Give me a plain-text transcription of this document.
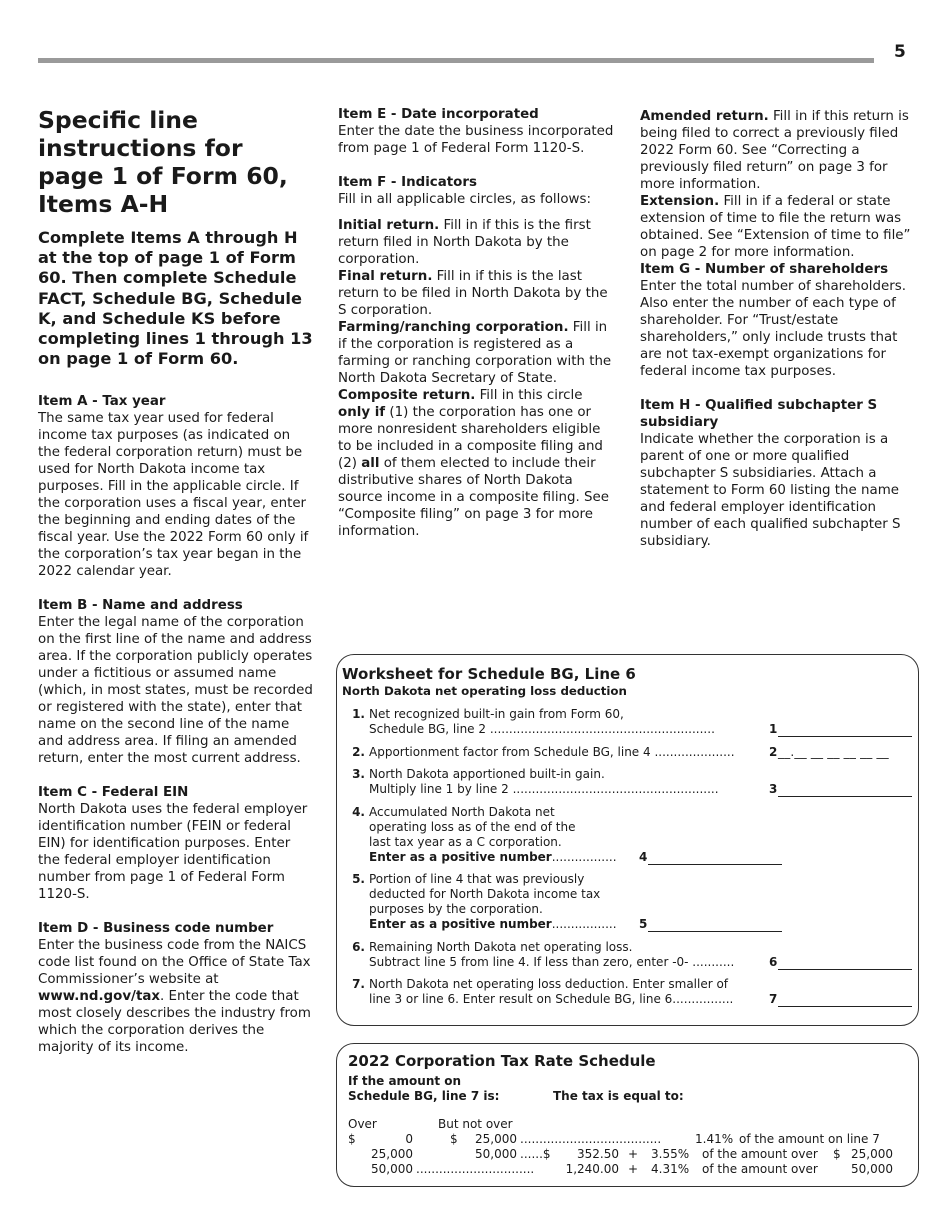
5
Specific line instructions for page 1 of Form 60, Items A-H
Complete Items A through H at the top of page 1 of Form 60. Then complete Schedule FACT, Schedule BG, Schedule K, and Schedule KS before completing lines 1 through 13 on page 1 of Form 60.
Item A - Tax year

The same tax year used for federal income tax purposes (as indicated on the federal corporation return) must be used for North Dakota income tax purposes. Fill in the applicable circle. If the corporation uses a fiscal year, enter the beginning and ending dates of the fiscal year. Use the 2022 Form 60 only if the corporation’s tax year began in the 2022 calendar year.

Item B - Name and address

Enter the legal name of the corporation on the first line of the name and address area. If the corporation publicly operates under a fictitious or assumed name (which, in most states, must be recorded or registered with the state), enter that name on the second line of the name and address area. If filing an amended return, enter the most current address.

Item C - Federal EIN

North Dakota uses the federal employer identification number (FEIN or federal EIN) for identification purposes. Enter the federal employer identification number from page 1 of Federal Form 1120-S.

Item D - Business code number

Enter the business code from the NAICS code list found on the Office of State Tax Commissioner’s website at www.nd.gov/tax. Enter the code that most closely describes the industry from which the corporation derives the majority of its income.

Item E - Date incorporated

Enter the date the business incorporated from page 1 of Federal Form 1120-S.

Item F - Indicators

Fill in all applicable circles, as follows:

Initial return. Fill in if this is the first return filed in North Dakota by the corporation.

Final return. Fill in if this is the last return to be filed in North Dakota by the S corporation.

Farming/ranching corporation. Fill in if the corporation is registered as a farming or ranching corporation with the North Dakota Secretary of State.

Composite return. Fill in this circle only if (1) the corporation has one or more nonresident shareholders eligible to be included in a composite filing and (2) all of them elected to include their distributive shares of North Dakota source income in a composite filing. See “Composite filing” on page 3 for more information.

Amended return. Fill in if this return is being filed to correct a previously filed 2022 Form 60. See “Correcting a previously filed return” on page 3 for more information.

Extension. Fill in if a federal or state extension of time to file the return was obtained. See “Extension of time to file” on page 2 for more information.

Item G - Number of shareholders

Enter the total number of shareholders. Also enter the number of each type of shareholder. For “Trust/estate shareholders,” only include trusts that are not tax-exempt organizations for federal income tax purposes.

Item H - Qualified subchapter S subsidiary

Indicate whether the corporation is a parent of one or more qualified subchapter S subsidiaries. Attach a statement to Form 60 listing the name and federal employer identification number of each qualified subchapter S subsidiary.

Worksheet for Schedule BG, Line 6
North Dakota net operating loss deduction
1. Net recognized built-in gain from Form 60,
Schedule BG, line 2 ...........................................................	1
2. Apportionment factor from Schedule BG, line 4 .....................	2 __.__ __ __ __ __ __
3. North Dakota apportioned built-in gain.
Multiply line 1 by line 2 ......................................................	3
4. Accumulated North Dakota net
operating loss as of the end of the
last tax year as a C corporation.
Enter as a positive number................. 4
5. Portion of line 4 that was previously
deducted for North Dakota income tax
purposes by the corporation.
Enter as a positive number................. 5
6. Remaining North Dakota net operating loss.
Subtract line 5 from line 4. If less than zero, enter -0- ...........	6
7. North Dakota net operating loss deduction. Enter smaller of
line 3 or line 6. Enter result on Schedule BG, line 6................	7
2022 Corporation Tax Rate Schedule
If the amount on
Schedule BG, line 7 is:	The tax is equal to:
Over	But not over
$	0	$	25,000 .....................................	1.41% of the amount on line 7
25,000	50,000 ......$	352.50 + 3.55% of the amount over $ 25,000
50,000 ...............................	1,240.00 + 4.31% of the amount over	50,000
